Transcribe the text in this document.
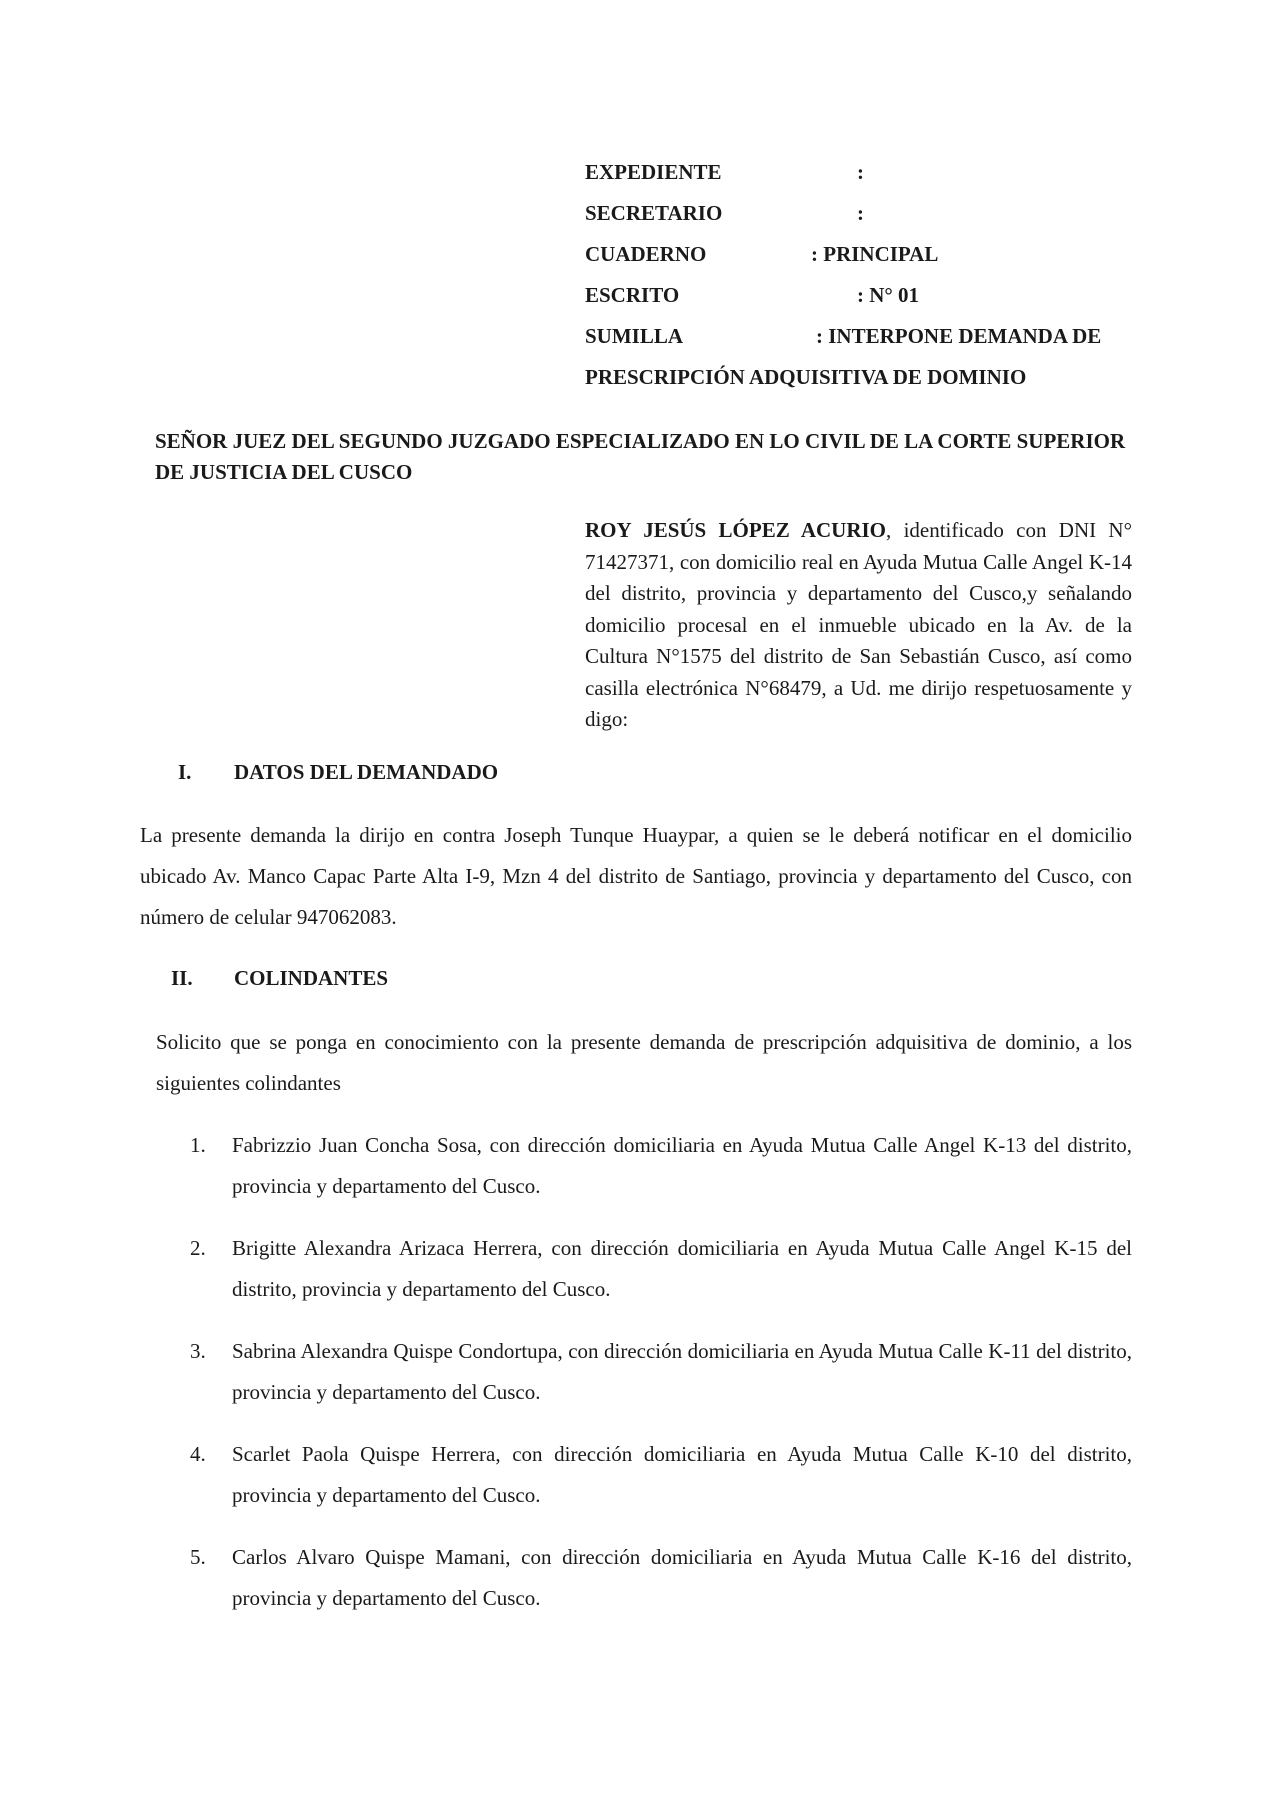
EXPEDIENTE	:
SECRETARIO	:
CUADERNO	: PRINCIPAL
ESCRITO	: N° 01
SUMILLA	: INTERPONE DEMANDA DE
PRESCRIPCIÓN ADQUISITIVA DE DOMINIO
SEÑOR JUEZ DEL SEGUNDO JUZGADO ESPECIALIZADO EN LO CIVIL DE LA CORTE SUPERIOR DE JUSTICIA DEL CUSCO
ROY JESÚS LÓPEZ ACURIO, identificado con DNI N° 71427371, con domicilio real en Ayuda Mutua Calle Angel K-14 del distrito, provincia y departamento del Cusco,y señalando domicilio procesal en el inmueble ubicado en la Av. de la Cultura N°1575 del distrito de San Sebastián Cusco, así como casilla electrónica N°68479, a Ud. me dirijo respetuosamente y digo:
I. DATOS DEL DEMANDADO
La presente demanda la dirijo en contra Joseph Tunque Huaypar, a quien se le deberá notificar en el domicilio ubicado Av. Manco Capac Parte Alta I-9, Mzn 4 del distrito de Santiago, provincia y departamento del Cusco, con número de celular 947062083.
II. COLINDANTES
Solicito que se ponga en conocimiento con la presente demanda de prescripción adquisitiva de dominio, a los siguientes colindantes
1. Fabrizzio Juan Concha Sosa, con dirección domiciliaria en Ayuda Mutua Calle Angel K-13 del distrito, provincia y departamento del Cusco.
2. Brigitte Alexandra Arizaca Herrera, con dirección domiciliaria en Ayuda Mutua Calle Angel K-15 del distrito, provincia y departamento del Cusco.
3. Sabrina Alexandra Quispe Condortupa, con dirección domiciliaria en Ayuda Mutua Calle K-11 del distrito, provincia y departamento del Cusco.
4. Scarlet Paola Quispe Herrera, con dirección domiciliaria en Ayuda Mutua Calle K-10 del distrito, provincia y departamento del Cusco.
5. Carlos Alvaro Quispe Mamani, con dirección domiciliaria en Ayuda Mutua Calle K-16 del distrito, provincia y departamento del Cusco.
